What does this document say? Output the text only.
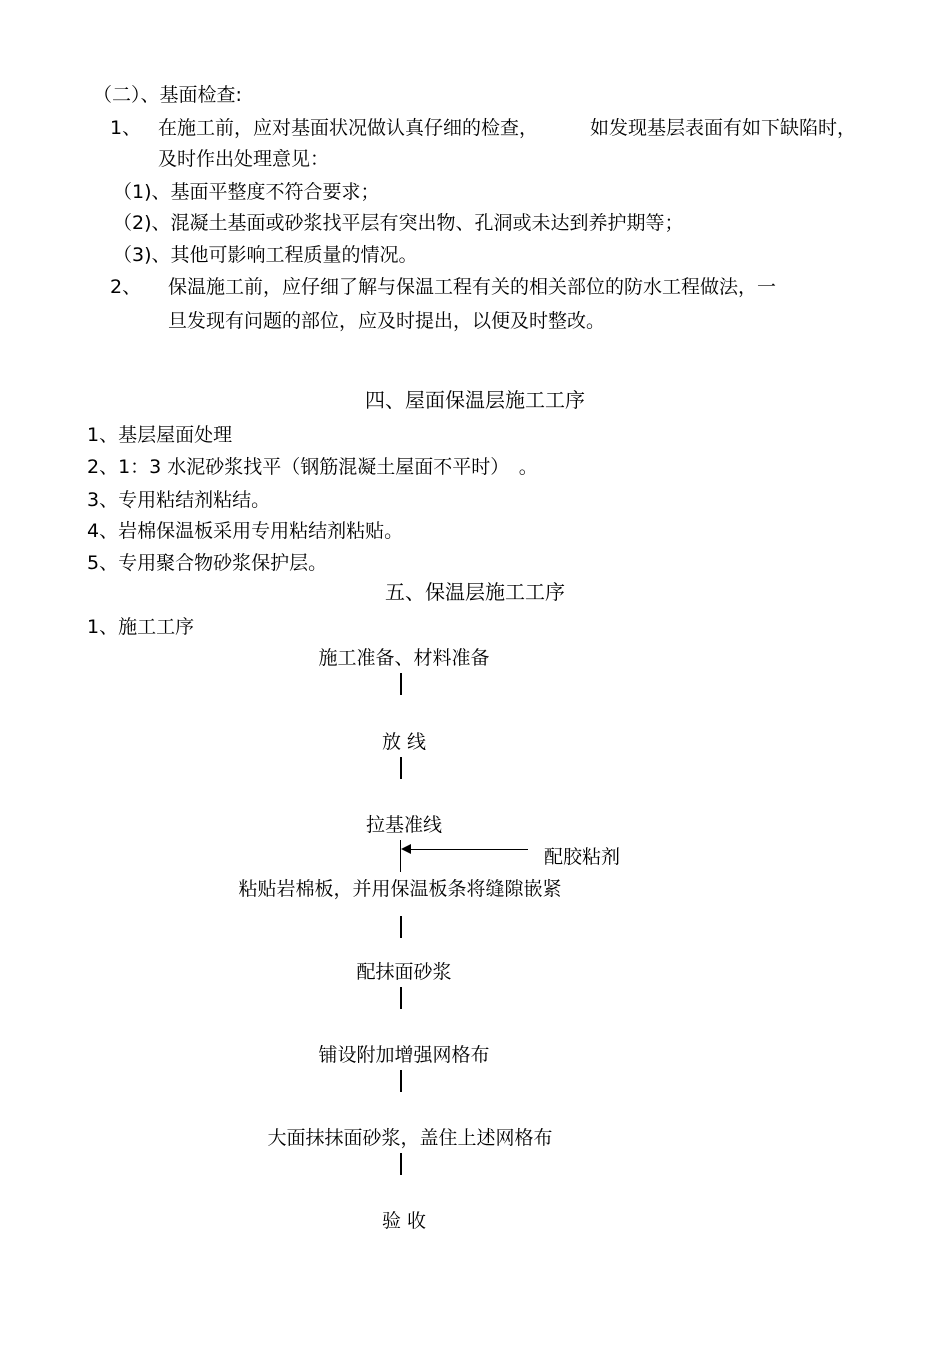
（二）、基面检查:
1、 在施工前，应对基面状况做认真仔细的检查，	如发现基层表面有如下缺陷时，
及时作出处理意见：
（1)、基面平整度不符合要求；
（2)、混凝土基面或砂浆找平层有突出物、孔洞或未达到养护期等；
（3)、其他可影响工程质量的情况。
2、 保温施工前，应仔细了解与保温工程有关的相关部位的防水工程做法，一
旦发现有问题的部位，应及时提出，以便及时整改。
四、屋面保温层施工工序
1、基层屋面处理
2、1：3 水泥砂浆找平（钢筋混凝土屋面不平时）　。
3、专用粘结剂粘结。
4、岩棉保温板采用专用粘结剂粘贴。
5、专用聚合物砂浆保护层。
五、保温层施工工序
1、施工工序
施工准备、材料准备
放 线
拉基准线
配胶粘剂
粘贴岩棉板，并用保温板条将缝隙嵌紧
配抹面砂浆
铺设附加增强网格布
大面抹抹面砂浆，盖住上述网格布
验 收
